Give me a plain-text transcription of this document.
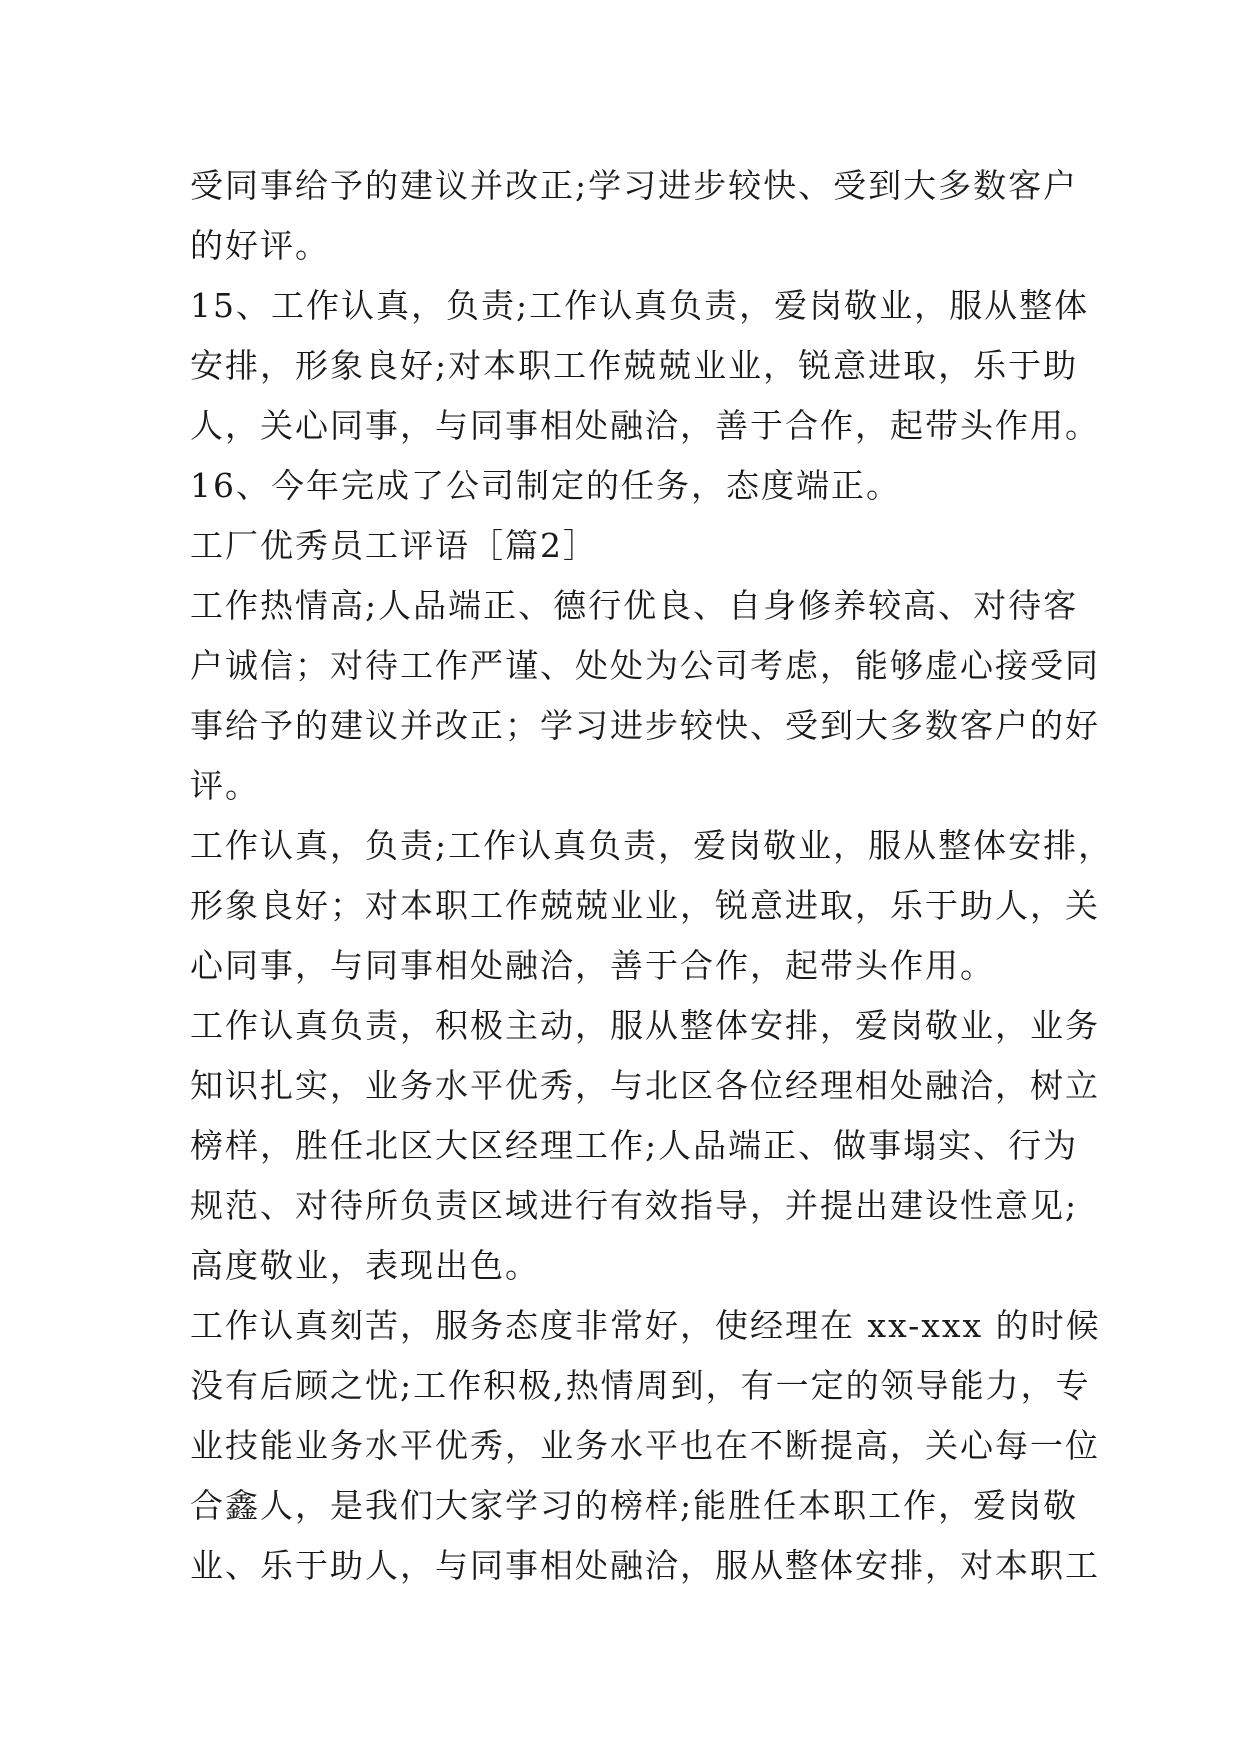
受同事给予的建议并改正;学习进步较快、受到大多数客户
的好评。
15、工作认真，负责;工作认真负责，爱岗敬业，服从整体
安排，形象良好;对本职工作兢兢业业，锐意进取，乐于助
人，关心同事，与同事相处融洽，善于合作，起带头作用。
16、今年完成了公司制定的任务，态度端正。
工厂优秀员工评语［篇2］
工作热情高;人品端正、德行优良、自身修养较高、对待客
户诚信；对待工作严谨、处处为公司考虑，能够虚心接受同
事给予的建议并改正；学习进步较快、受到大多数客户的好
评。
工作认真，负责;工作认真负责，爱岗敬业，服从整体安排，
形象良好；对本职工作兢兢业业，锐意进取，乐于助人，关
心同事，与同事相处融洽，善于合作，起带头作用。
工作认真负责，积极主动，服从整体安排，爱岗敬业，业务
知识扎实，业务水平优秀，与北区各位经理相处融洽，树立
榜样，胜任北区大区经理工作;人品端正、做事塌实、行为
规范、对待所负责区域进行有效指导，并提出建设性意见;
高度敬业，表现出色。
工作认真刻苦，服务态度非常好，使经理在 xx-xxx 的时候
没有后顾之忧;工作积极,热情周到，有一定的领导能力，专
业技能业务水平优秀，业务水平也在不断提高，关心每一位
合鑫人，是我们大家学习的榜样;能胜任本职工作，爱岗敬
业、乐于助人，与同事相处融洽，服从整体安排，对本职工
